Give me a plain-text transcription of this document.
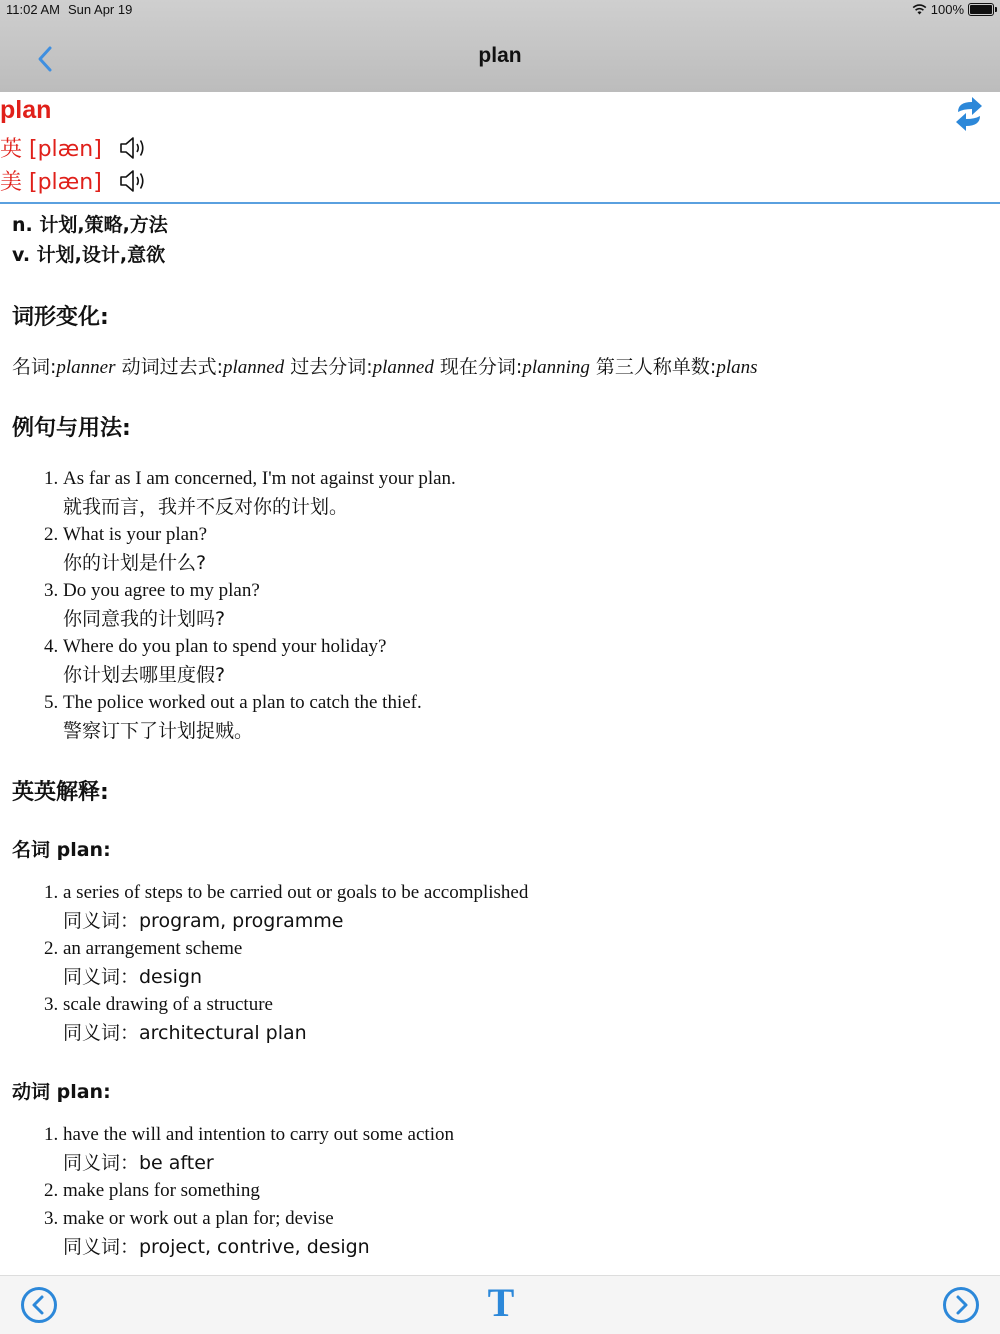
11:02 AM Sun Apr 19	100%
plan
plan
英 [plæn]
美 [plæn]
n. 计划,策略,方法
v. 计划,设计,意欲
词形变化:
名词:planner 动词过去式:planned 过去分词:planned 现在分词:planning 第三人称单数:plans
例句与用法:
1. As far as I am concerned, I'm not against your plan.
就我而言，我并不反对你的计划。
2. What is your plan?
你的计划是什么?
3. Do you agree to my plan?
你同意我的计划吗?
4. Where do you plan to spend your holiday?
你计划去哪里度假?
5. The police worked out a plan to catch the thief.
警察订下了计划捉贼。
英英解释:
名词 plan:
1. a series of steps to be carried out or goals to be accomplished
同义词：program, programme
2. an arrangement scheme
同义词：design
3. scale drawing of a structure
同义词：architectural plan
动词 plan:
1. have the will and intention to carry out some action
同义词：be after
2. make plans for something
3. make or work out a plan for; devise
同义词：project, contrive, design
T
